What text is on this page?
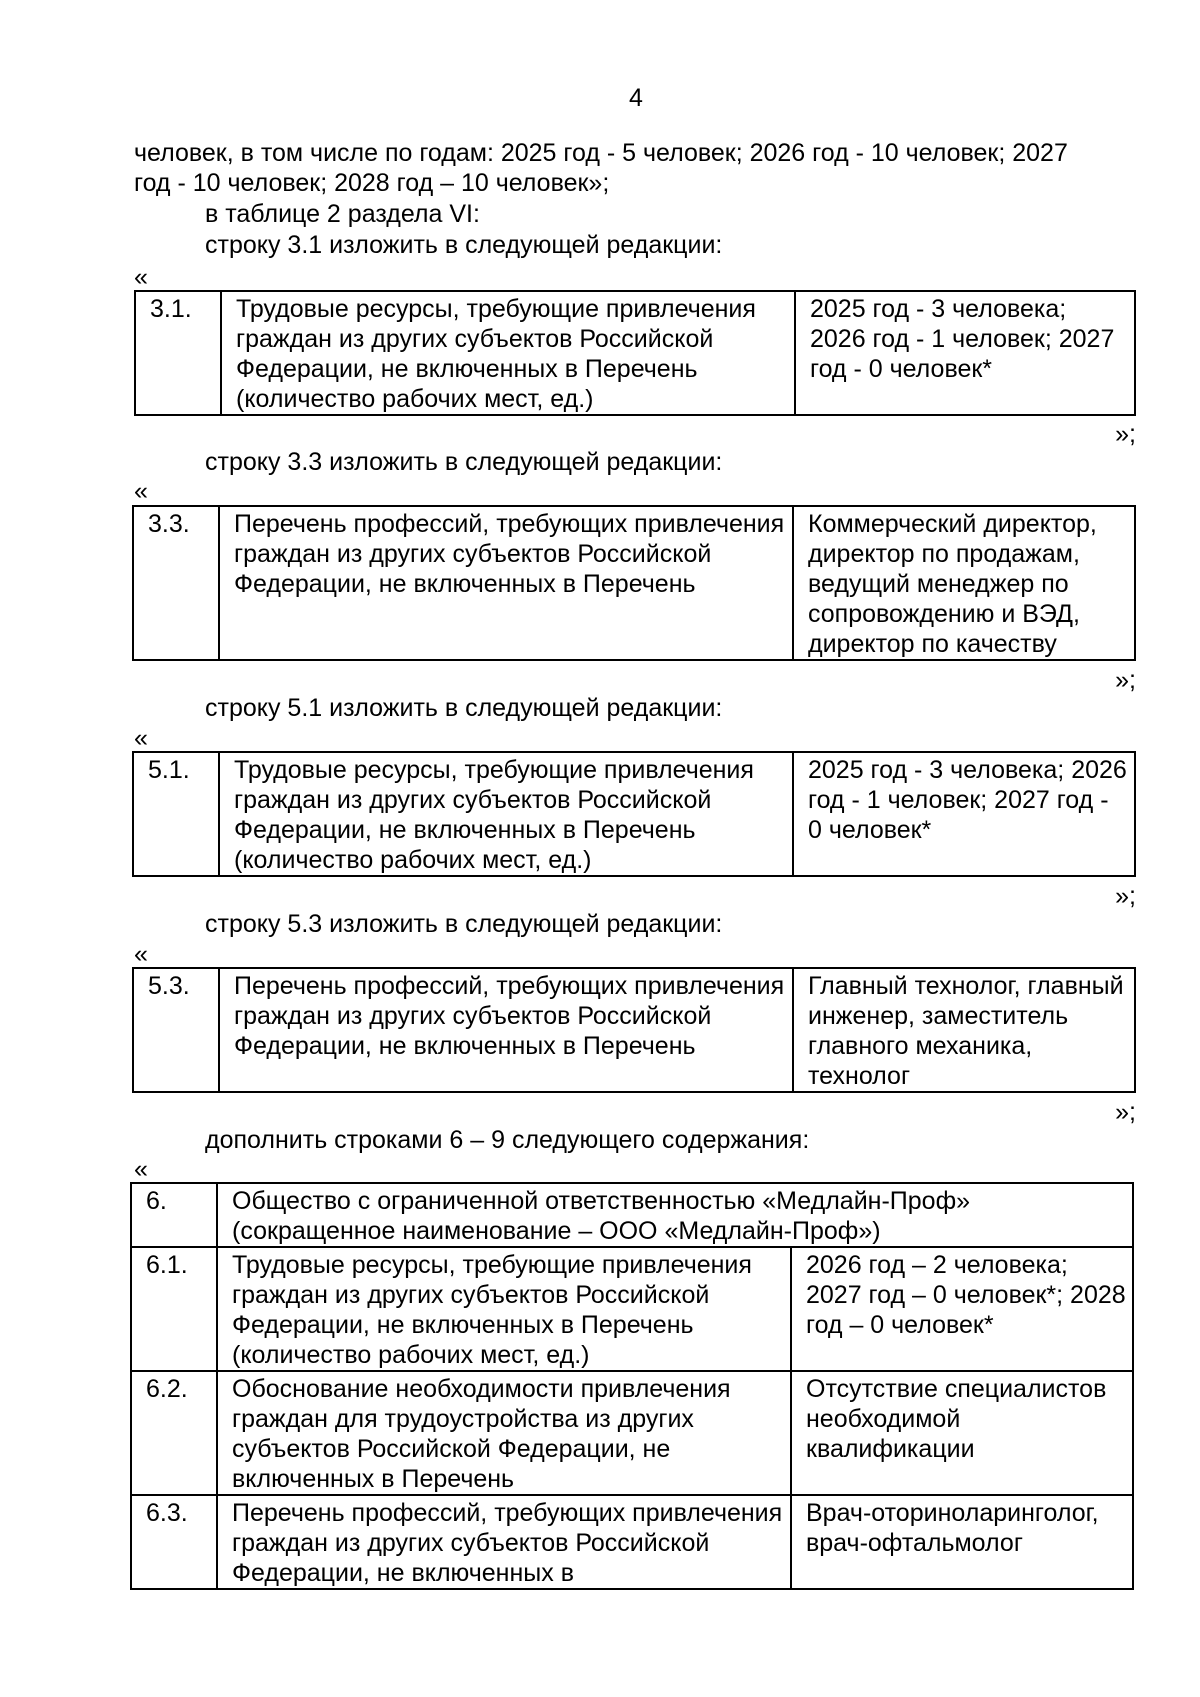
4
человек, в том числе по годам: 2025 год - 5 человек; 2026 год - 10 человек; 2027
год - 10 человек; 2028 год – 10 человек»;
в таблице 2 раздела VI:
строку 3.1 изложить в следующей редакции:
«
3.1.	Трудовые ресурсы, требующие привлечения граждан из других субъектов Российской Федерации, не включенных в Перечень (количество рабочих мест, ед.)	2025 год - 3 человека; 2026 год - 1 человек; 2027 год - 0 человек*
»;
строку 3.3 изложить в следующей редакции:
«
3.3.	Перечень профессий, требующих привлечения граждан из других субъектов Российской Федерации, не включенных в Перечень	Коммерческий директор, директор по продажам, ведущий менеджер по сопровождению и ВЭД, директор по качеству
»;
строку 5.1 изложить в следующей редакции:
«
5.1.	Трудовые ресурсы, требующие привлечения граждан из других субъектов Российской Федерации, не включенных в Перечень (количество рабочих мест, ед.)	2025 год - 3 человека; 2026 год - 1 человек; 2027 год - 0 человек*
»;
строку 5.3 изложить в следующей редакции:
«
5.3.	Перечень профессий, требующих привлечения граждан из других субъектов Российской Федерации, не включенных в Перечень	Главный технолог, главный инженер, заместитель главного механика, технолог
»;
дополнить строками 6 – 9 следующего содержания:
«
6.	Общество с ограниченной ответственностью «Медлайн-Проф» (сокращенное наименование – ООО «Медлайн-Проф»)	
6.1.	Трудовые ресурсы, требующие привлечения граждан из других субъектов Российской Федерации, не включенных в Перечень (количество рабочих мест, ед.)	2026 год – 2 человека; 2027 год – 0 человек*; 2028 год – 0 человек*
6.2.	Обоснование необходимости привлечения граждан для трудоустройства из других субъектов Российской Федерации, не включенных в Перечень	Отсутствие специалистов необходимой квалификации
6.3.	Перечень профессий, требующих привлечения граждан из других субъектов Российской Федерации, не включенных в	Врач-оториноларинголог, врач-офтальмолог
